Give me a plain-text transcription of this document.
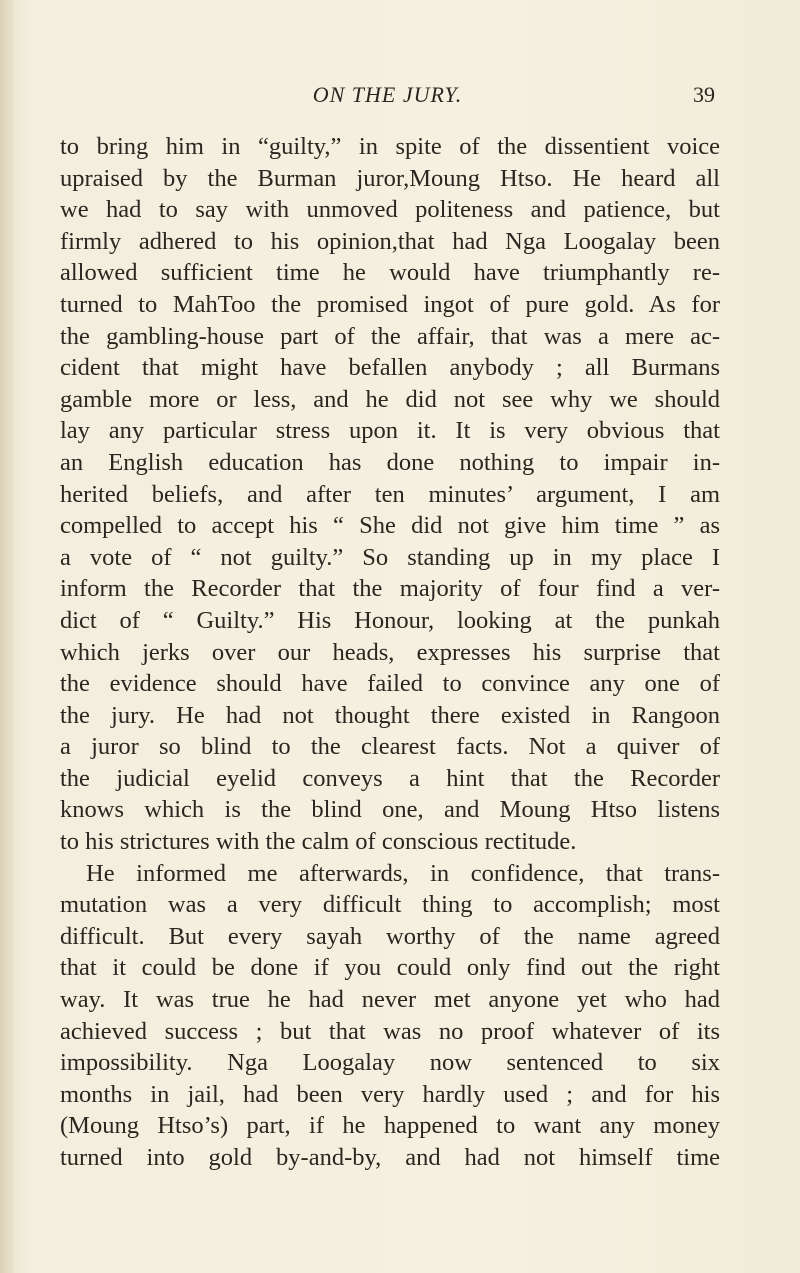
ON THE JURY.	39
to bring him in “guilty,” in spite of the dissentient voice
upraised by the Burman juror,Moung Htso. He heard all
we had to say with unmoved politeness and patience, but
firmly adhered to his opinion,that had Nga Loogalay been
allowed sufficient time he would have triumphantly re-
turned to MahToo the promised ingot of pure gold. As for
the gambling-house part of the affair, that was a mere ac-
cident that might have befallen anybody ; all Burmans
gamble more or less, and he did not see why we should
lay any particular stress upon it. It is very obvious that
an English education has done nothing to impair in-
herited beliefs, and after ten minutes’ argument, I am
compelled to accept his “ She did not give him time ” as
a vote of “ not guilty.” So standing up in my place I
inform the Recorder that the majority of four find a ver-
dict of “ Guilty.” His Honour, looking at the punkah
which jerks over our heads, expresses his surprise that
the evidence should have failed to convince any one of
the jury. He had not thought there existed in Rangoon
a juror so blind to the clearest facts. Not a quiver of
the judicial eyelid conveys a hint that the Recorder
knows which is the blind one, and Moung Htso listens
to his strictures with the calm of conscious rectitude.
He informed me afterwards, in confidence, that trans-
mutation was a very difficult thing to accomplish; most
difficult. But every sayah worthy of the name agreed
that it could be done if you could only find out the right
way. It was true he had never met anyone yet who had
achieved success ; but that was no proof whatever of its
impossibility. Nga Loogalay now sentenced to six
months in jail, had been very hardly used ; and for his
(Moung Htso’s) part, if he happened to want any money
turned into gold by-and-by, and had not himself time
